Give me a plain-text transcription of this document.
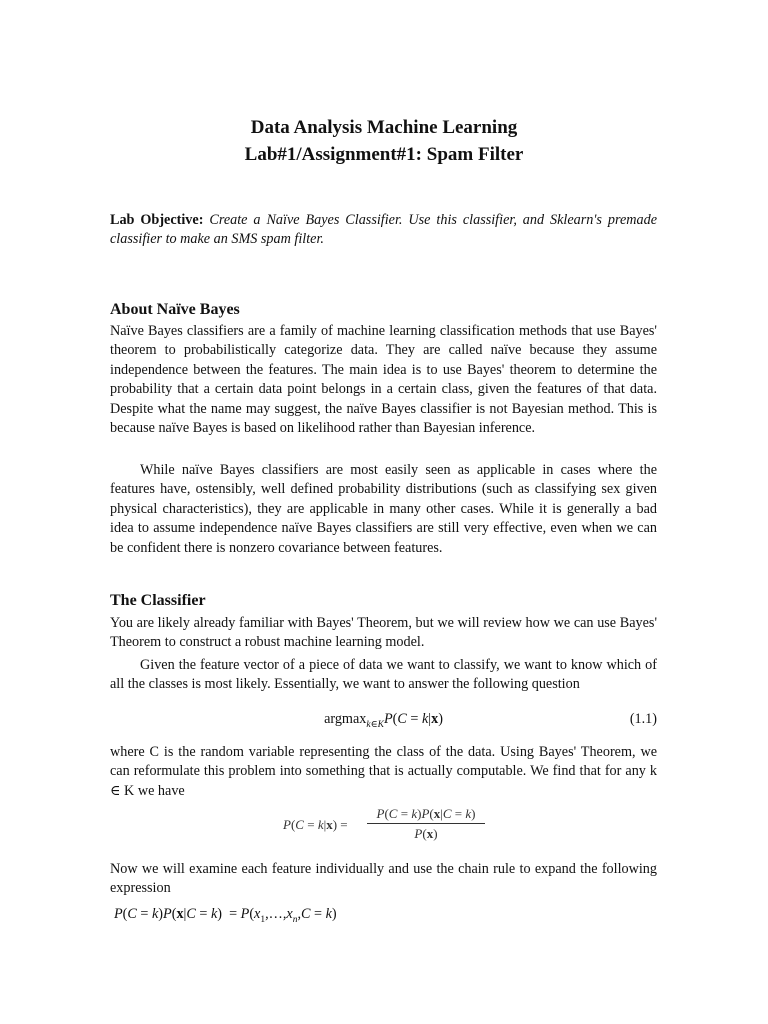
Data Analysis Machine Learning
Lab#1/Assignment#1: Spam Filter
Lab Objective: Create a Naïve Bayes Classifier. Use this classifier, and Sklearn's premade classifier to make an SMS spam filter.
About Naïve Bayes
Naïve Bayes classifiers are a family of machine learning classification methods that use Bayes' theorem to probabilistically categorize data. They are called naïve because they assume independence between the features. The main idea is to use Bayes' theorem to determine the probability that a certain data point belongs in a certain class, given the features of that data. Despite what the name may suggest, the naïve Bayes classifier is not Bayesian method. This is because naïve Bayes is based on likelihood rather than Bayesian inference.
While naïve Bayes classifiers are most easily seen as applicable in cases where the features have, ostensibly, well defined probability distributions (such as classifying sex given physical characteristics), they are applicable in many other cases. While it is generally a bad idea to assume independence naïve Bayes classifiers are still very effective, even when we can be confident there is nonzero covariance between features.
The Classifier
You are likely already familiar with Bayes' Theorem, but we will review how we can use Bayes' Theorem to construct a robust machine learning model.
Given the feature vector of a piece of data we want to classify, we want to know which of all the classes is most likely. Essentially, we want to answer the following question
argmax$_{k\in K}$P(C = k|x)	(1.1)
where C is the random variable representing the class of the data. Using Bayes' Theorem, we can reformulate this problem into something that is actually computable. We find that for any k ∈ K we have
P(C = k|x) =
P(C = k)P(x|C = k)
P(x)
Now we will examine each feature individually and use the chain rule to expand the following expression
$P(C = k)P(x|C = k) = P(x_1,\dots,x_n,C = k)$
